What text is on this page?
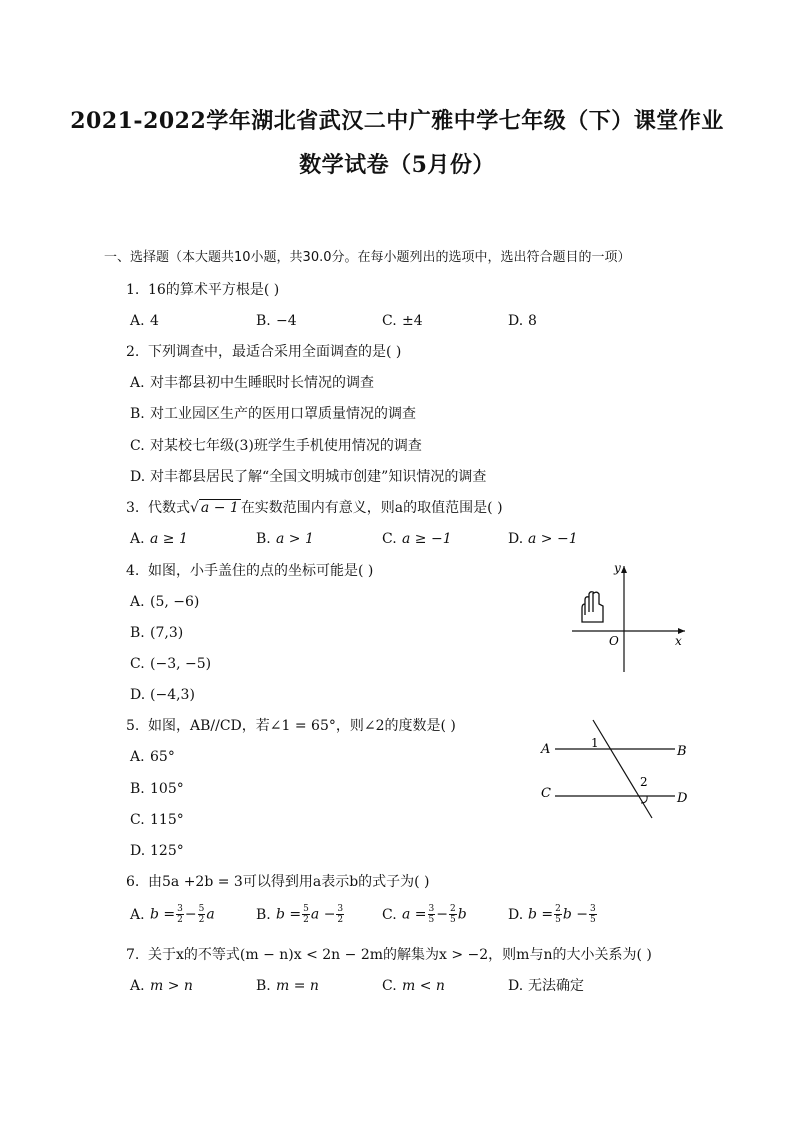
2021-2022学年湖北省武汉二中广雅中学七年级（下）课堂作业
数学试卷（5月份）
一、选择题（本大题共10小题，共30.0分。在每小题列出的选项中，选出符合题目的一项）
1. 16的算术平方根是( )
A. 4	B. −4	C. ±4	D. 8
2. 下列调查中，最适合采用全面调查的是( )
A. 对丰都县初中生睡眠时长情况的调查
B. 对工业园区生产的医用口罩质量情况的调查
C. 对某校七年级(3)班学生手机使用情况的调查
D. 对丰都县居民了解“全国文明城市创建”知识情况的调查
3. 代数式√ a − 1 在实数范围内有意义，则a的取值范围是( )
A. a ≥ 1	B. a > 1	C. a ≥ −1	D. a > −1
4. 如图，小手盖住的点的坐标可能是( )
A. (5, −6)
B. (7,3)
C. (−3, −5)
D. (−4,3)
y
x
O
5. 如图，AB//CD，若∠1 = 65°，则∠2的度数是( )
A. 65°
B. 105°
C. 115°
D. 125°
A	B
C	D
1
2
6. 由5a +2b = 3可以得到用a表示b的式子为( )
A. $b = \frac{3}{2} - \frac{5}{2}$ a	B. $b = \frac{5}{2}$ $a - \frac{3}{2}$	C. $a = \frac{3}{5} - \frac{2}{5}$ b	D. $b = \frac{2}{5}$ $b - \frac{3}{5}$
7. 关于x的不等式(m − n)x < 2n − 2m的解集为x > −2，则m与n的大小关系为( )
A. m > n	B. m = n	C. m < n	D. 无法确定
